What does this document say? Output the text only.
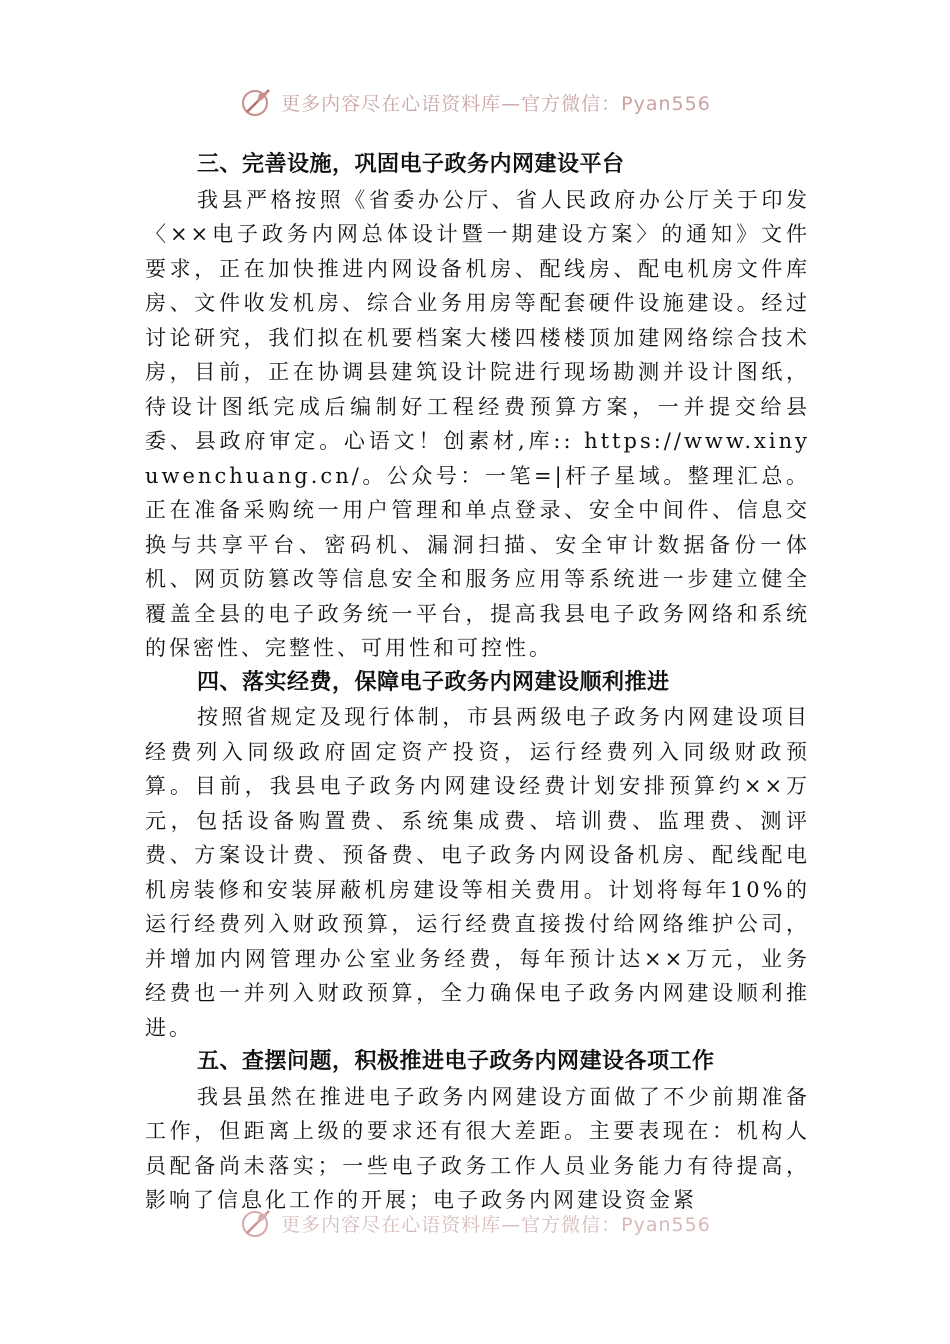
更多内容尽在心语资料库—官方微信：Pyan556
三、完善设施，巩固电子政务内网建设平台

我县严格按照《省委办公厅、省人民政府办公厅关于印发〈××电子政务内网总体设计暨一期建设方案〉的通知》文件要求，正在加快推进内网设备机房、配线房、配电机房文件库房、文件收发机房、综合业务用房等配套硬件设施建设。经过讨论研究，我们拟在机要档案大楼四楼楼顶加建网络综合技术房，目前，正在协调县建筑设计院进行现场勘测并设计图纸，待设计图纸完成后编制好工程经费预算方案，一并提交给县委、县政府审定。心语文！创素材,库:: https://www.xinyuwenchuang.cn/。公众号：一笔=|杆子星域。整理汇总。正在准备采购统一用户管理和单点登录、安全中间件、信息交换与共享平台、密码机、漏洞扫描、安全审计数据备份一体机、网页防篡改等信息安全和服务应用等系统进一步建立健全覆盖全县的电子政务统一平台，提高我县电子政务网络和系统的保密性、完整性、可用性和可控性。

四、落实经费，保障电子政务内网建设顺利推进

按照省规定及现行体制，市县两级电子政务内网建设项目经费列入同级政府固定资产投资，运行经费列入同级财政预算。目前，我县电子政务内网建设经费计划安排预算约××万元，包括设备购置费、系统集成费、培训费、监理费、测评费、方案设计费、预备费、电子政务内网设备机房、配线配电机房装修和安装屏蔽机房建设等相关费用。计划将每年10%的运行经费列入财政预算，运行经费直接拨付给网络维护公司，并增加内网管理办公室业务经费，每年预计达××万元，业务经费也一并列入财政预算，全力确保电子政务内网建设顺利推进。

五、查摆问题，积极推进电子政务内网建设各项工作

我县虽然在推进电子政务内网建设方面做了不少前期准备工作，但距离上级的要求还有很大差距。主要表现在：机构人员配备尚未落实；一些电子政务工作人员业务能力有待提高，影响了信息化工作的开展；电子政务内网建设资金紧

更多内容尽在心语资料库—官方微信：Pyan556
